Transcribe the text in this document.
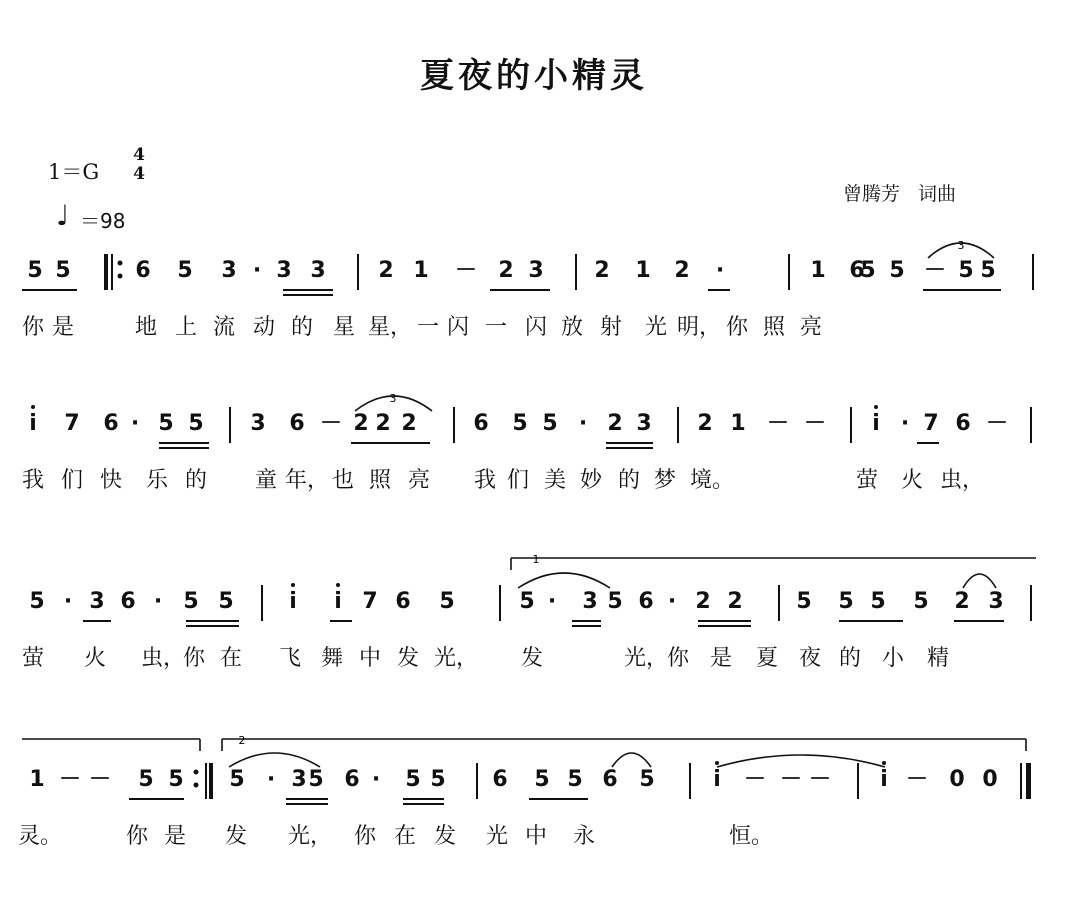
夏夜的小精灵
1＝G
4
4
♩ ＝98
曾腾芳 词曲
5 5	6	5	3 · 3 3	2 1	－ 2 3	2	1	2	·	1	6	5 － 5 5
5
你 是	地 上 流 动 的 星 星， 一 闪 一 闪 放 射 光 明， 你 照 亮
i	7	6 · 5 5	3	6 － 2 2 2	6	5 5 · 2 3	2 1 － －	i · 7 6 －
我 们 快 乐 的 童 年， 也 照 亮 我 们 美 妙 的 梦 境。	萤 火 虫，
5 · 3 6 · 5 5	i	i 7 6	5	5 ·	3 5 6 · 2 2	5	5 5	5	2 3
萤 火 虫，
你 在 飞 舞 中 发 光， 发	光，
你 是 夏 夜 的 小 精
1 － －	5 5	5	· 3 5 6 ·	5 5	6	5 5 6 5	i	－ － －	i － 0 0
灵。	你 是 发 光， 你 在 发 光 中 永	恒。
3
3
1
2
